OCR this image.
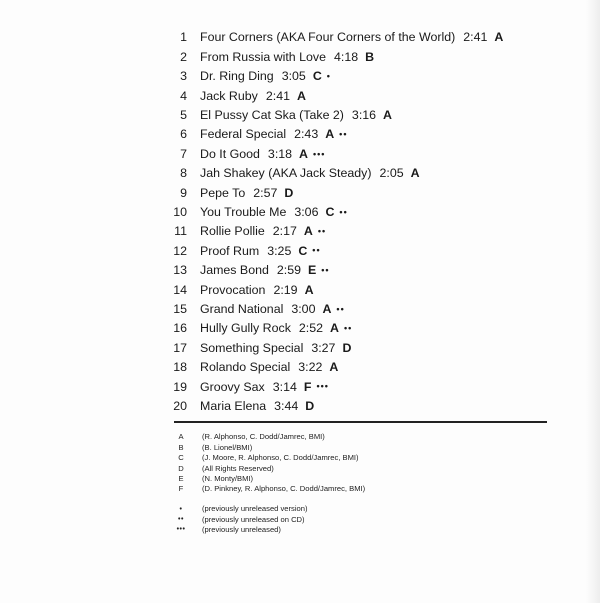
1 Four Corners (AKA Four Corners of the World) 2:41 A
2 From Russia with Love 4:18 B
3 Dr. Ring Ding 3:05 C •
4 Jack Ruby 2:41 A
5 El Pussy Cat Ska (Take 2) 3:16 A
6 Federal Special 2:43 A ••
7 Do It Good 3:18 A •••
8 Jah Shakey (AKA Jack Steady) 2:05 A
9 Pepe To 2:57 D
10 You Trouble Me 3:06 C ••
11 Rollie Pollie 2:17 A ••
12 Proof Rum 3:25 C ••
13 James Bond 2:59 E ••
14 Provocation 2:19 A
15 Grand National 3:00 A ••
16 Hully Gully Rock 2:52 A ••
17 Something Special 3:27 D
18 Rolando Special 3:22 A
19 Groovy Sax 3:14 F •••
20 Maria Elena 3:44 D
A	(R. Alphonso, C. Dodd/Jamrec, BMI)
B	(B. Lionel/BMI)
C	(J. Moore, R. Alphonso, C. Dodd/Jamrec, BMI)
D	(All Rights Reserved)
E	(N. Monty/BMI)
F	(D. Pinkney, R. Alphonso, C. Dodd/Jamrec, BMI)
•	(previously unreleased version)
••	(previously unreleased on CD)
•••	(previously unreleased)
